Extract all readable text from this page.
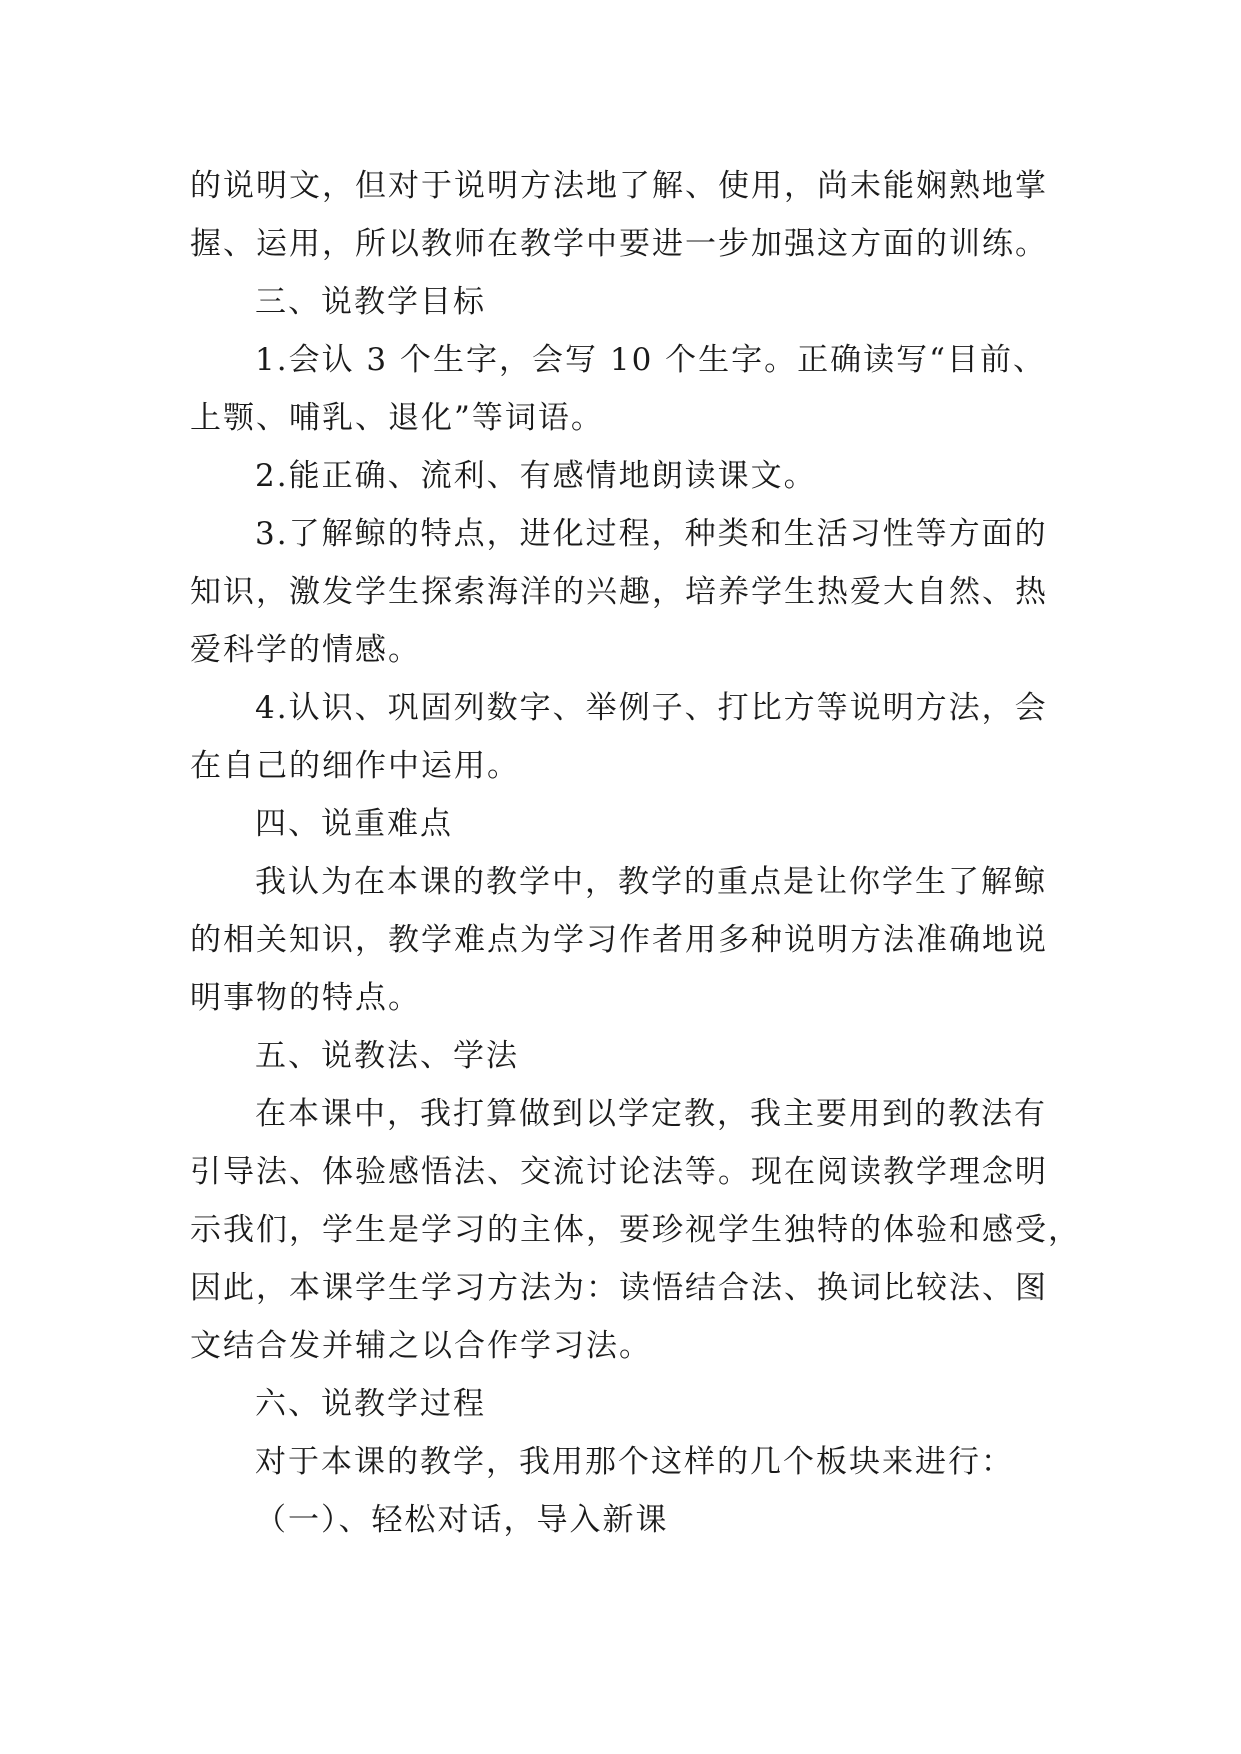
的说明文，但对于说明方法地了解、使用，尚未能娴熟地掌
握、运用，所以教师在教学中要进一步加强这方面的训练。
三、说教学目标
1.会认 3 个生字，会写 10 个生字。正确读写“目前、
上颚、哺乳、退化”等词语。
2.能正确、流利、有感情地朗读课文。
3.了解鲸的特点，进化过程，种类和生活习性等方面的
知识，激发学生探索海洋的兴趣，培养学生热爱大自然、热
爱科学的情感。
4.认识、巩固列数字、举例子、打比方等说明方法，会
在自己的细作中运用。
四、说重难点
我认为在本课的教学中，教学的重点是让你学生了解鲸
的相关知识，教学难点为学习作者用多种说明方法准确地说
明事物的特点。
五、说教法、学法
在本课中，我打算做到以学定教，我主要用到的教法有
引导法、体验感悟法、交流讨论法等。现在阅读教学理念明
示我们，学生是学习的主体，要珍视学生独特的体验和感受，
因此，本课学生学习方法为：读悟结合法、换词比较法、图
文结合发并辅之以合作学习法。
六、说教学过程
对于本课的教学，我用那个这样的几个板块来进行：
（一）、轻松对话，导入新课
